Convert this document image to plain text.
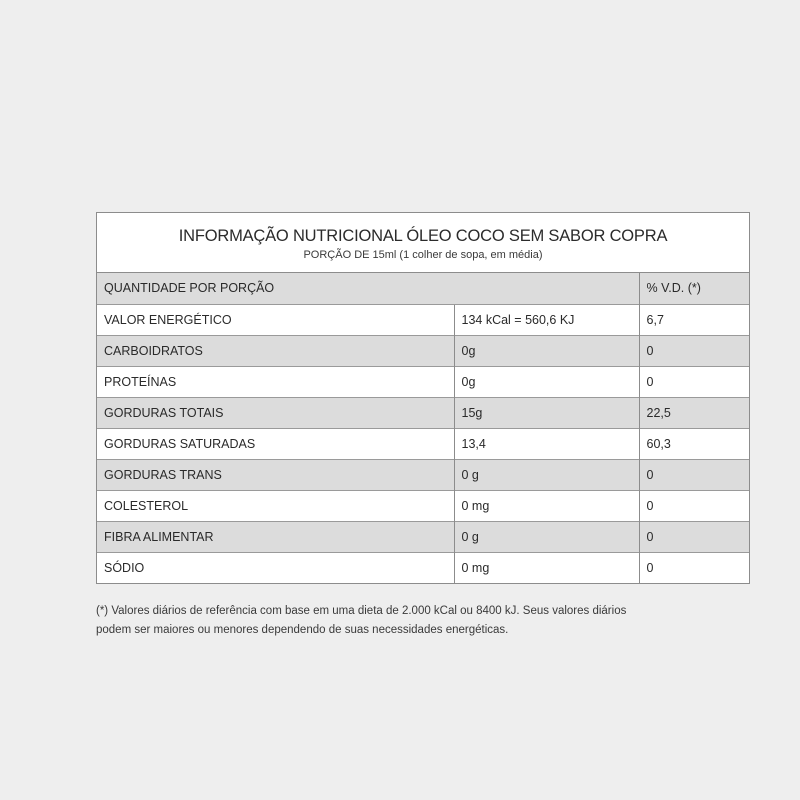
INFORMAÇÃO NUTRICIONAL ÓLEO COCO SEM SABOR COPRA
PORÇÃO DE 15ml (1 colher de sopa, em média)
QUANTIDADE POR PORÇÃO		% V.D. (*)
VALOR ENERGÉTICO	134 kCal = 560,6 KJ	6,7
CARBOIDRATOS	0g	0
PROTEÍNAS	0g	0
GORDURAS TOTAIS	15g	22,5
GORDURAS SATURADAS	13,4	60,3
GORDURAS TRANS	0 g	0
COLESTEROL	0 mg	0
FIBRA ALIMENTAR	0 g	0
SÓDIO	0 mg	0
(*) Valores diários de referência com base em uma dieta de 2.000 kCal ou 8400 kJ. Seus valores diários
podem ser maiores ou menores dependendo de suas necessidades energéticas.
